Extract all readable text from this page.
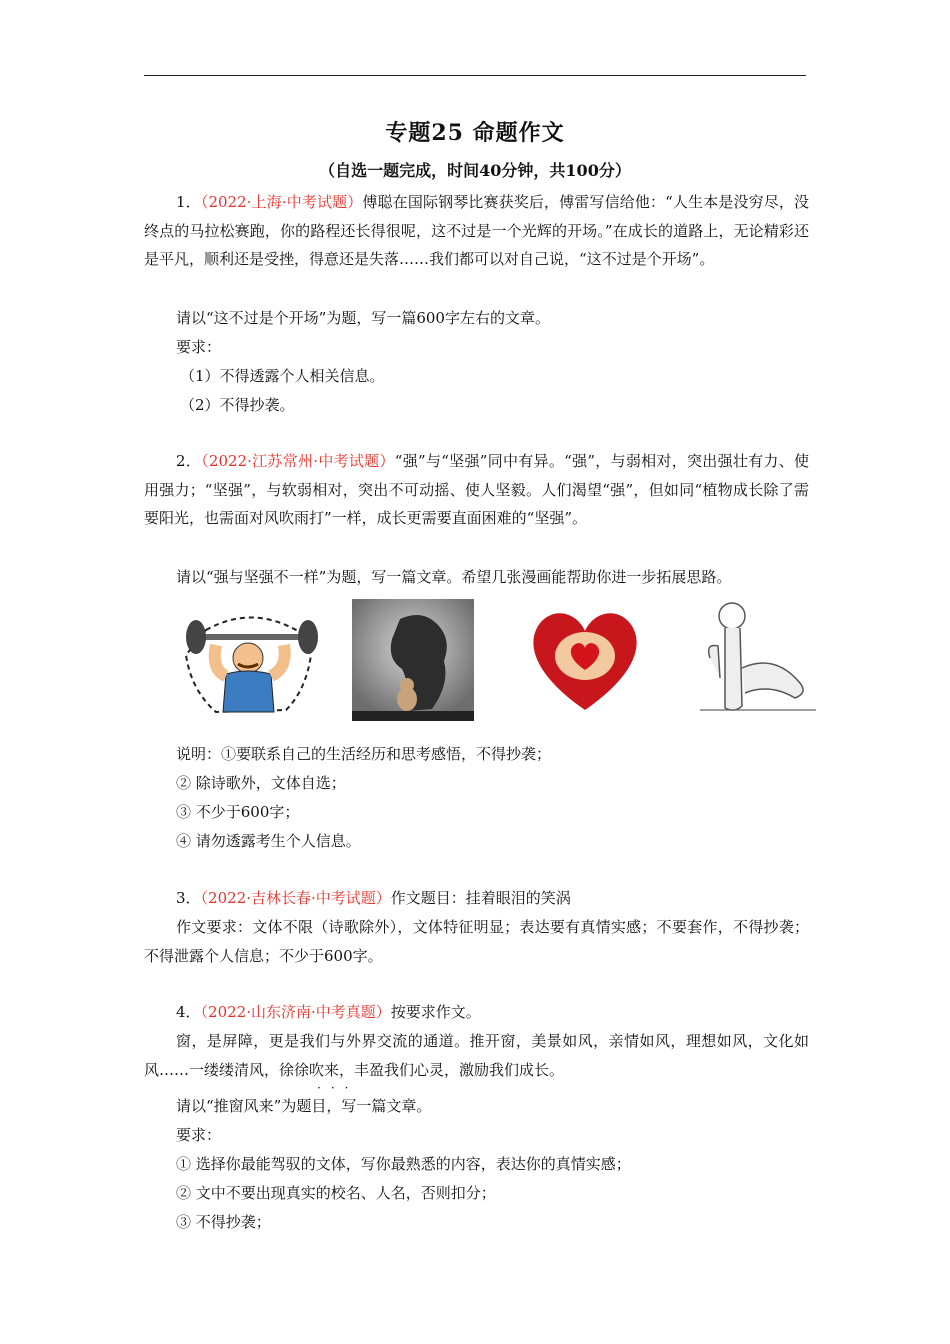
专题25 命题作文
（自选一题完成，时间40分钟，共100分）
1．（2022·上海·中考试题）傅聪在国际钢琴比赛获奖后，傅雷写信给他：“人生本是没穷尽，没终点的马拉松赛跑，你的路程还长得很呢，这不过是一个光辉的开场。”在成长的道路上，无论精彩还是平凡，顺利还是受挫，得意还是失落……我们都可以对自己说，“这不过是个开场”。
请以“这不过是个开场”为题，写一篇600字左右的文章。
要求：
（1）不得透露个人相关信息。
（2）不得抄袭。
2．（2022·江苏常州·中考试题）“强”与“坚强”同中有异。“强”，与弱相对，突出强壮有力、使用强力；“坚强”，与软弱相对，突出不可动摇、使人坚毅。人们渴望“强”，但如同“植物成长除了需要阳光，也需面对风吹雨打”一样，成长更需要直面困难的“坚强”。
请以“强与坚强不一样”为题，写一篇文章。希望几张漫画能帮助你进一步拓展思路。
说明：①要联系自己的生活经历和思考感悟，不得抄袭；
② 除诗歌外，文体自选；
③ 不少于600字；
④ 请勿透露考生个人信息。
3．（2022·吉林长春·中考试题）作文题目：挂着眼泪的笑涡
作文要求：文体不限（诗歌除外），文体特征明显；表达要有真情实感；不要套作，不得抄袭；不得泄露个人信息；不少于600字。
4．（2022·山东济南·中考真题）按要求作文。
窗，是屏障，更是我们与外界交流的通道。推开窗，美景如风，亲情如风，理想如风，文化如风……一缕缕清风，徐徐吹来，丰盈我们心灵，激励我们成长。
···
请以“推窗风来”为题目，写一篇文章。
要求：
① 选择你最能驾驭的文体，写你最熟悉的内容，表达你的真情实感；
② 文中不要出现真实的校名、人名，否则扣分；
③ 不得抄袭；
